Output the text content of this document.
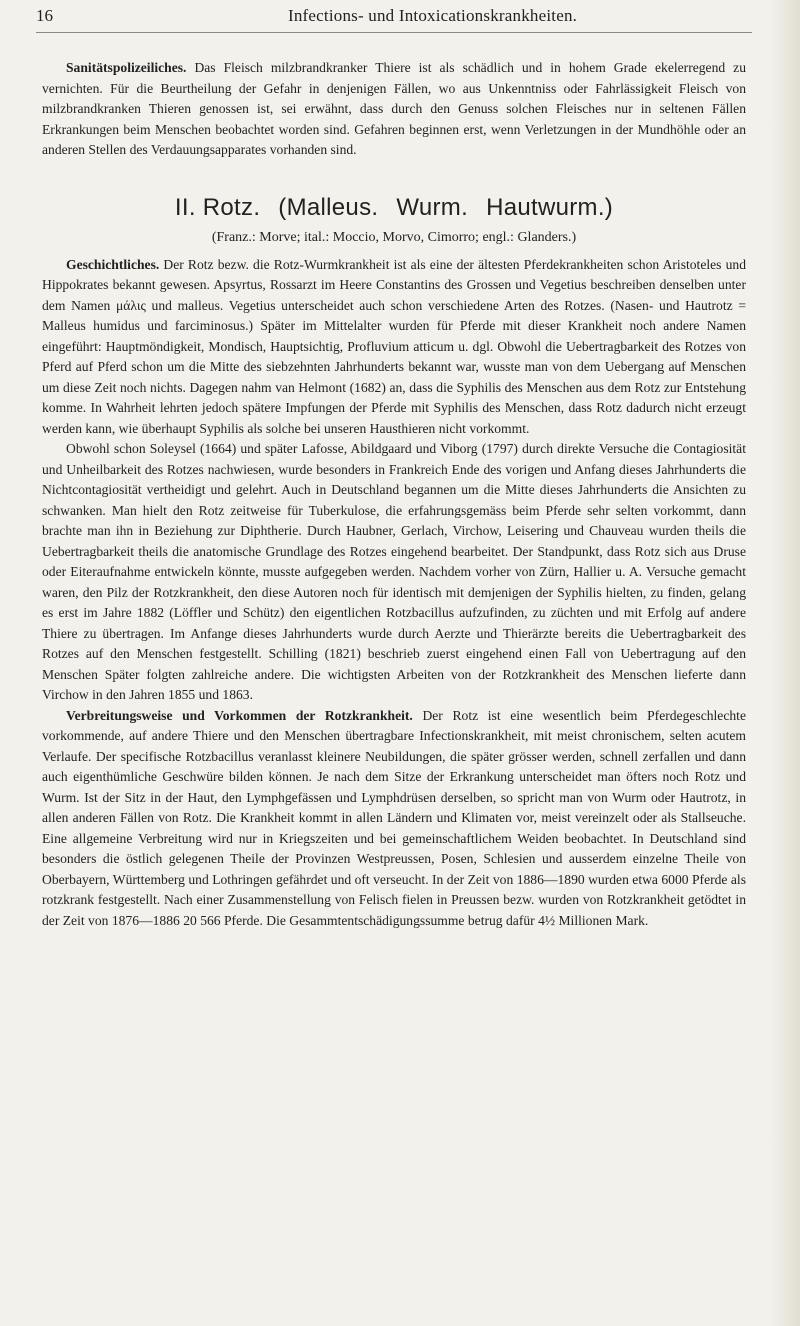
16	Infections- und Intoxicationskrankheiten.

Sanitätspolizeiliches. Das Fleisch milzbrandkranker Thiere ist als schädlich und in hohem Grade ekelerregend zu vernichten. Für die Beurtheilung der Gefahr in denjenigen Fällen, wo aus Unkenntniss oder Fahrlässigkeit Fleisch von milzbrandkranken Thieren genossen ist, sei erwähnt, dass durch den Genuss solchen Fleisches nur in seltenen Fällen Erkrankungen beim Menschen beobachtet worden sind. Gefahren beginnen erst, wenn Verletzungen in der Mundhöhle oder an anderen Stellen des Verdauungsapparates vorhanden sind.

II. Rotz. (Malleus. Wurm. Hautwurm.)
(Franz.: Morve; ital.: Moccio, Morvo, Cimorro; engl.: Glanders.)

Geschichtliches. Der Rotz bezw. die Rotz-Wurmkrankheit ist als eine der ältesten Pferdekrankheiten schon Aristoteles und Hippokrates bekannt gewesen. Apsyrtus, Rossarzt im Heere Constantins des Grossen und Vegetius beschreiben denselben unter dem Namen μάλις und malleus. Vegetius unterscheidet auch schon verschiedene Arten des Rotzes. (Nasen- und Hautrotz = Malleus humidus und farciminosus.) Später im Mittelalter wurden für Pferde mit dieser Krankheit noch andere Namen eingeführt: Hauptmöndigkeit, Mondisch, Hauptsichtig, Profluvium atticum u. dgl. Obwohl die Uebertragbarkeit des Rotzes von Pferd auf Pferd schon um die Mitte des siebzehnten Jahrhunderts bekannt war, wusste man von dem Uebergang auf Menschen um diese Zeit noch nichts. Dagegen nahm van Helmont (1682) an, dass die Syphilis des Menschen aus dem Rotz zur Entstehung komme. In Wahrheit lehrten jedoch spätere Impfungen der Pferde mit Syphilis des Menschen, dass Rotz dadurch nicht erzeugt werden kann, wie überhaupt Syphilis als solche bei unseren Hausthieren nicht vorkommt.

Obwohl schon Soleysel (1664) und später Lafosse, Abildgaard und Viborg (1797) durch direkte Versuche die Contagiosität und Unheilbarkeit des Rotzes nachwiesen, wurde besonders in Frankreich Ende des vorigen und Anfang dieses Jahrhunderts die Nichtcontagiosität vertheidigt und gelehrt. Auch in Deutschland begannen um die Mitte dieses Jahrhunderts die Ansichten zu schwanken. Man hielt den Rotz zeitweise für Tuberkulose, die erfahrungsgemäss beim Pferde sehr selten vorkommt, dann brachte man ihn in Beziehung zur Diphtherie. Durch Haubner, Gerlach, Virchow, Leisering und Chauveau wurden theils die Uebertragbarkeit theils die anatomische Grundlage des Rotzes eingehend bearbeitet. Der Standpunkt, dass Rotz sich aus Druse oder Eiteraufnahme entwickeln könnte, musste aufgegeben werden. Nachdem vorher von Zürn, Hallier u. A. Versuche gemacht waren, den Pilz der Rotzkrankheit, den diese Autoren noch für identisch mit demjenigen der Syphilis hielten, zu finden, gelang es erst im Jahre 1882 (Löffler und Schütz) den eigentlichen Rotzbacillus aufzufinden, zu züchten und mit Erfolg auf andere Thiere zu übertragen. Im Anfange dieses Jahrhunderts wurde durch Aerzte und Thierärzte bereits die Uebertragbarkeit des Rotzes auf den Menschen festgestellt. Schilling (1821) beschrieb zuerst eingehend einen Fall von Uebertragung auf den Menschen Später folgten zahlreiche andere. Die wichtigsten Arbeiten von der Rotzkrankheit des Menschen lieferte dann Virchow in den Jahren 1855 und 1863.

Verbreitungsweise und Vorkommen der Rotzkrankheit. Der Rotz ist eine wesentlich beim Pferdegeschlechte vorkommende, auf andere Thiere und den Menschen übertragbare Infectionskrankheit, mit meist chronischem, selten acutem Verlaufe. Der specifische Rotzbacillus veranlasst kleinere Neubildungen, die später grösser werden, schnell zerfallen und dann auch eigenthümliche Geschwüre bilden können. Je nach dem Sitze der Erkrankung unterscheidet man öfters noch Rotz und Wurm. Ist der Sitz in der Haut, den Lymphgefässen und Lymphdrüsen derselben, so spricht man von Wurm oder Hautrotz, in allen anderen Fällen von Rotz. Die Krankheit kommt in allen Ländern und Klimaten vor, meist vereinzelt oder als Stallseuche. Eine allgemeine Verbreitung wird nur in Kriegszeiten und bei gemeinschaftlichem Weiden beobachtet. In Deutschland sind besonders die östlich gelegenen Theile der Provinzen Westpreussen, Posen, Schlesien und ausserdem einzelne Theile von Oberbayern, Württemberg und Lothringen gefährdet und oft verseucht. In der Zeit von 1886—1890 wurden etwa 6000 Pferde als rotzkrank festgestellt. Nach einer Zusammenstellung von Felisch fielen in Preussen bezw. wurden von Rotzkrankheit getödtet in der Zeit von 1876—1886 20 566 Pferde. Die Gesammtentschädigungssumme betrug dafür 4½ Millionen Mark.
